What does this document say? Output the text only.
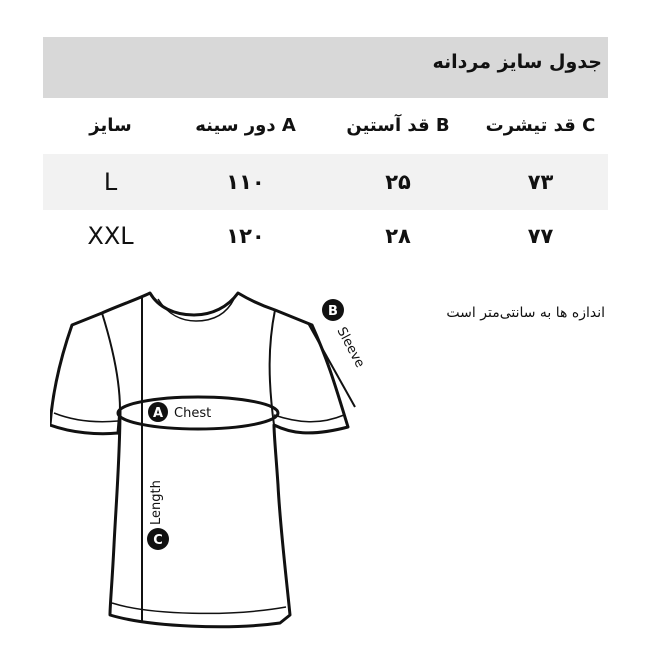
جدول سایز مردانه
سایز	A دور سینه	B قد آستین	C قد تیشرت
L	۱۱۰	۲۵	۷۳
XXL	۱۲۰	۲۸	۷۷
اندازه ها به سانتی‌متر است
A Chest
B
Sleeve
C
Length
